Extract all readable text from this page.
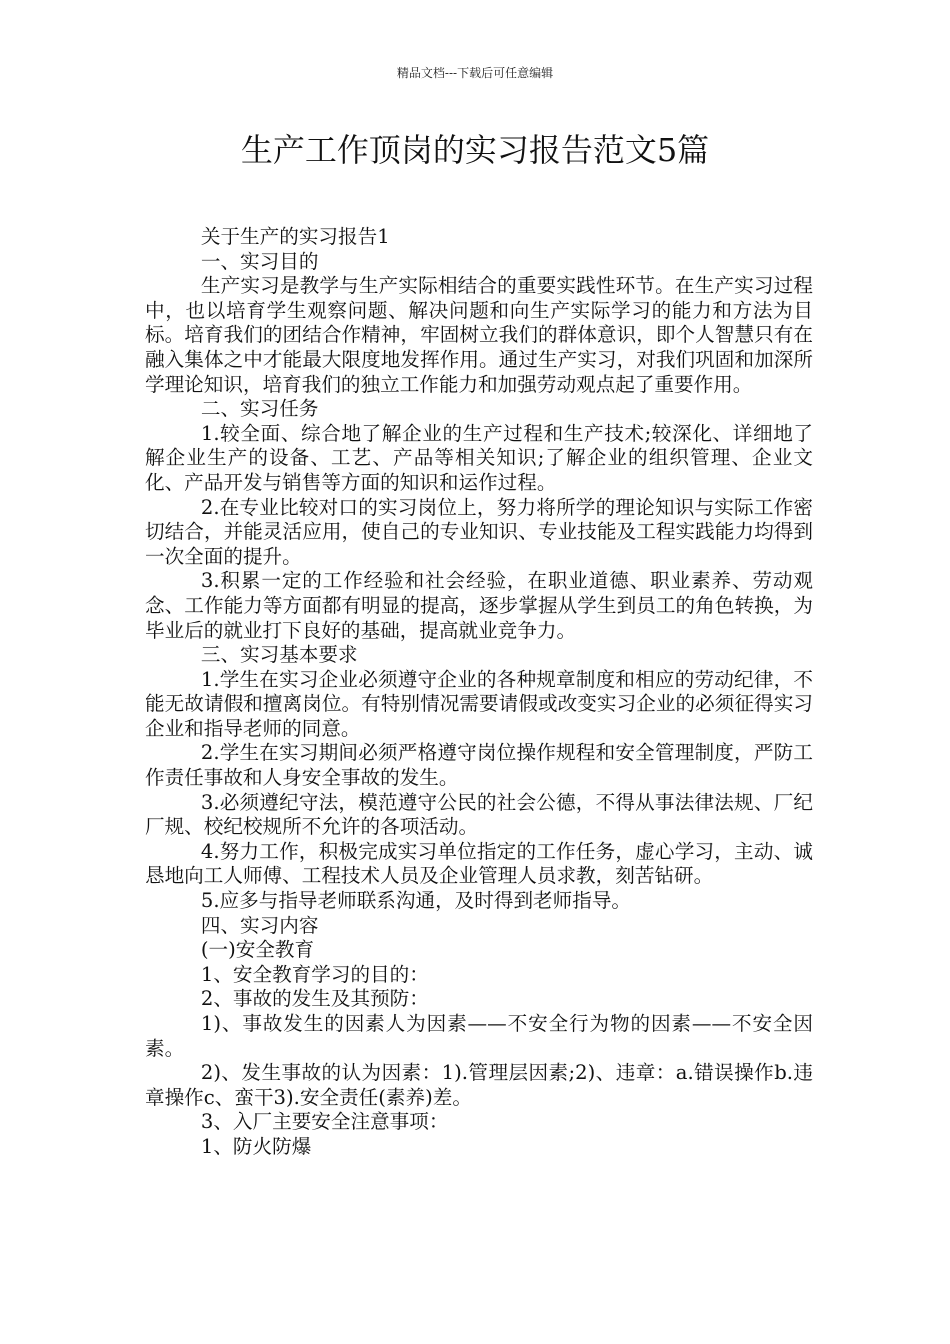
精品文档---下载后可任意编辑
生产工作顶岗的实习报告范文5篇

关于生产的实习报告1

一、实习目的

生产实习是教学与生产实际相结合的重要实践性环节。在生产实习过程中，也以培育学生观察问题、解决问题和向生产实际学习的能力和方法为目标。培育我们的团结合作精神，牢固树立我们的群体意识，即个人智慧只有在融入集体之中才能最大限度地发挥作用。通过生产实习，对我们巩固和加深所学理论知识，培育我们的独立工作能力和加强劳动观点起了重要作用。

二、实习任务

1.较全面、综合地了解企业的生产过程和生产技术;较深化、详细地了解企业生产的设备、工艺、产品等相关知识;了解企业的组织管理、企业文化、产品开发与销售等方面的知识和运作过程。

2.在专业比较对口的实习岗位上，努力将所学的理论知识与实际工作密切结合，并能灵活应用，使自己的专业知识、专业技能及工程实践能力均得到一次全面的提升。

3.积累一定的工作经验和社会经验，在职业道德、职业素养、劳动观念、工作能力等方面都有明显的提高，逐步掌握从学生到员工的角色转换，为毕业后的就业打下良好的基础，提高就业竞争力。

三、实习基本要求

1.学生在实习企业必须遵守企业的各种规章制度和相应的劳动纪律，不能无故请假和擅离岗位。有特别情况需要请假或改变实习企业的必须征得实习企业和指导老师的同意。

2.学生在实习期间必须严格遵守岗位操作规程和安全管理制度，严防工作责任事故和人身安全事故的发生。

3.必须遵纪守法，模范遵守公民的社会公德，不得从事法律法规、厂纪厂规、校纪校规所不允许的各项活动。

4.努力工作，积极完成实习单位指定的工作任务，虚心学习，主动、诚恳地向工人师傅、工程技术人员及企业管理人员求教，刻苦钻研。

5.应多与指导老师联系沟通，及时得到老师指导。

四、实习内容

(一)安全教育

1、安全教育学习的目的：

2、事故的发生及其预防：

1)、事故发生的因素人为因素——不安全行为物的因素——不安全因素。

2)、发生事故的认为因素：1).管理层因素;2)、违章：a.错误操作b.违章操作c、蛮干3).安全责任(素养)差。

3、入厂主要安全注意事项：

1、防火防爆
